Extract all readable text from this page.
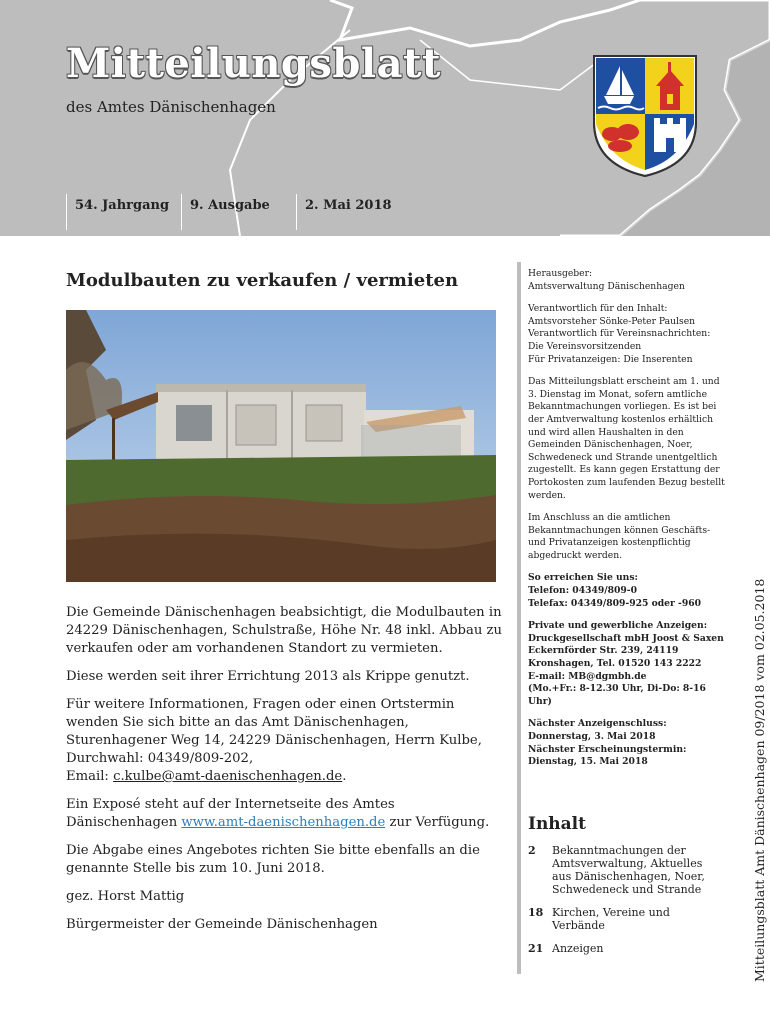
Mitteilungsblatt
des Amtes Dänischenhagen
54. Jahrgang	9. Ausgabe	2. Mai 2018
Modulbauten zu verkaufen / vermieten

Die Gemeinde Dänischenhagen beabsichtigt, die Modulbauten in 24229 Dänischenhagen, Schulstraße, Höhe Nr. 48 inkl. Abbau zu verkaufen oder am vorhandenen Standort zu vermieten.

Diese werden seit ihrer Errichtung 2013 als Krippe genutzt.

Für weitere Informationen, Fragen oder einen Ortstermin wenden Sie sich bitte an das Amt Dänischenhagen, Sturenhagener Weg 14, 24229 Dänischenhagen, Herrn Kulbe, Durchwahl: 04349/809-202,
Email: c.kulbe@amt-daenischenhagen.de.

Ein Exposé steht auf der Internetseite des Amtes Dänischenhagen www.amt-daenischenhagen.de zur Verfügung.

Die Abgabe eines Angebotes richten Sie bitte ebenfalls an die genannte Stelle bis zum 10. Juni 2018.

gez. Horst Mattig

Bürgermeister der Gemeinde Dänischenhagen

Herausgeber:
Amtsverwaltung Dänischenhagen
Verantwortlich für den Inhalt:
Amtsvorsteher Sönke-Peter Paulsen
Verantwortlich für Vereinsnachrichten:
Die Vereinsvorsitzenden
Für Privatanzeigen: Die Inserenten
Das Mitteilungsblatt erscheint am 1. und 3. Dienstag im Monat, sofern amtliche Bekanntmachungen vorliegen. Es ist bei der Amtverwaltung kostenlos erhältlich und wird allen Haushalten in den Gemeinden Dänischenhagen, Noer, Schwedeneck und Strande unentgeltlich zugestellt. Es kann gegen Erstattung der Portokosten zum laufenden Bezug bestellt werden.
Im Anschluss an die amtlichen Bekanntmachungen können Geschäfts- und Privatanzeigen kostenpflichtig abgedruckt werden.
So erreichen Sie uns:
Telefon: 04349/809-0
Telefax: 04349/809-925 oder -960
Private und gewerbliche Anzeigen:
Druckgesellschaft mbH Joost & Saxen
Eckernförder Str. 239, 24119 Kronshagen, Tel. 01520 143 2222
E-mail: MB@dgmbh.de
(Mo.+Fr.: 8-12.30 Uhr, Di-Do: 8-16 Uhr)
Nächster Anzeigenschluss:
Donnerstag, 3. Mai 2018
Nächster Erscheinungstermin:
Dienstag, 15. Mai 2018
Inhalt
2	Bekanntmachungen der Amtsverwaltung, Aktuelles aus Dänischenhagen, Noer, Schwedeneck und Strande
18 Kirchen, Vereine und Verbände
21 Anzeigen	Mitteilungsblatt Amt Dänischenhagen 09/2018 vom 02.05.2018
